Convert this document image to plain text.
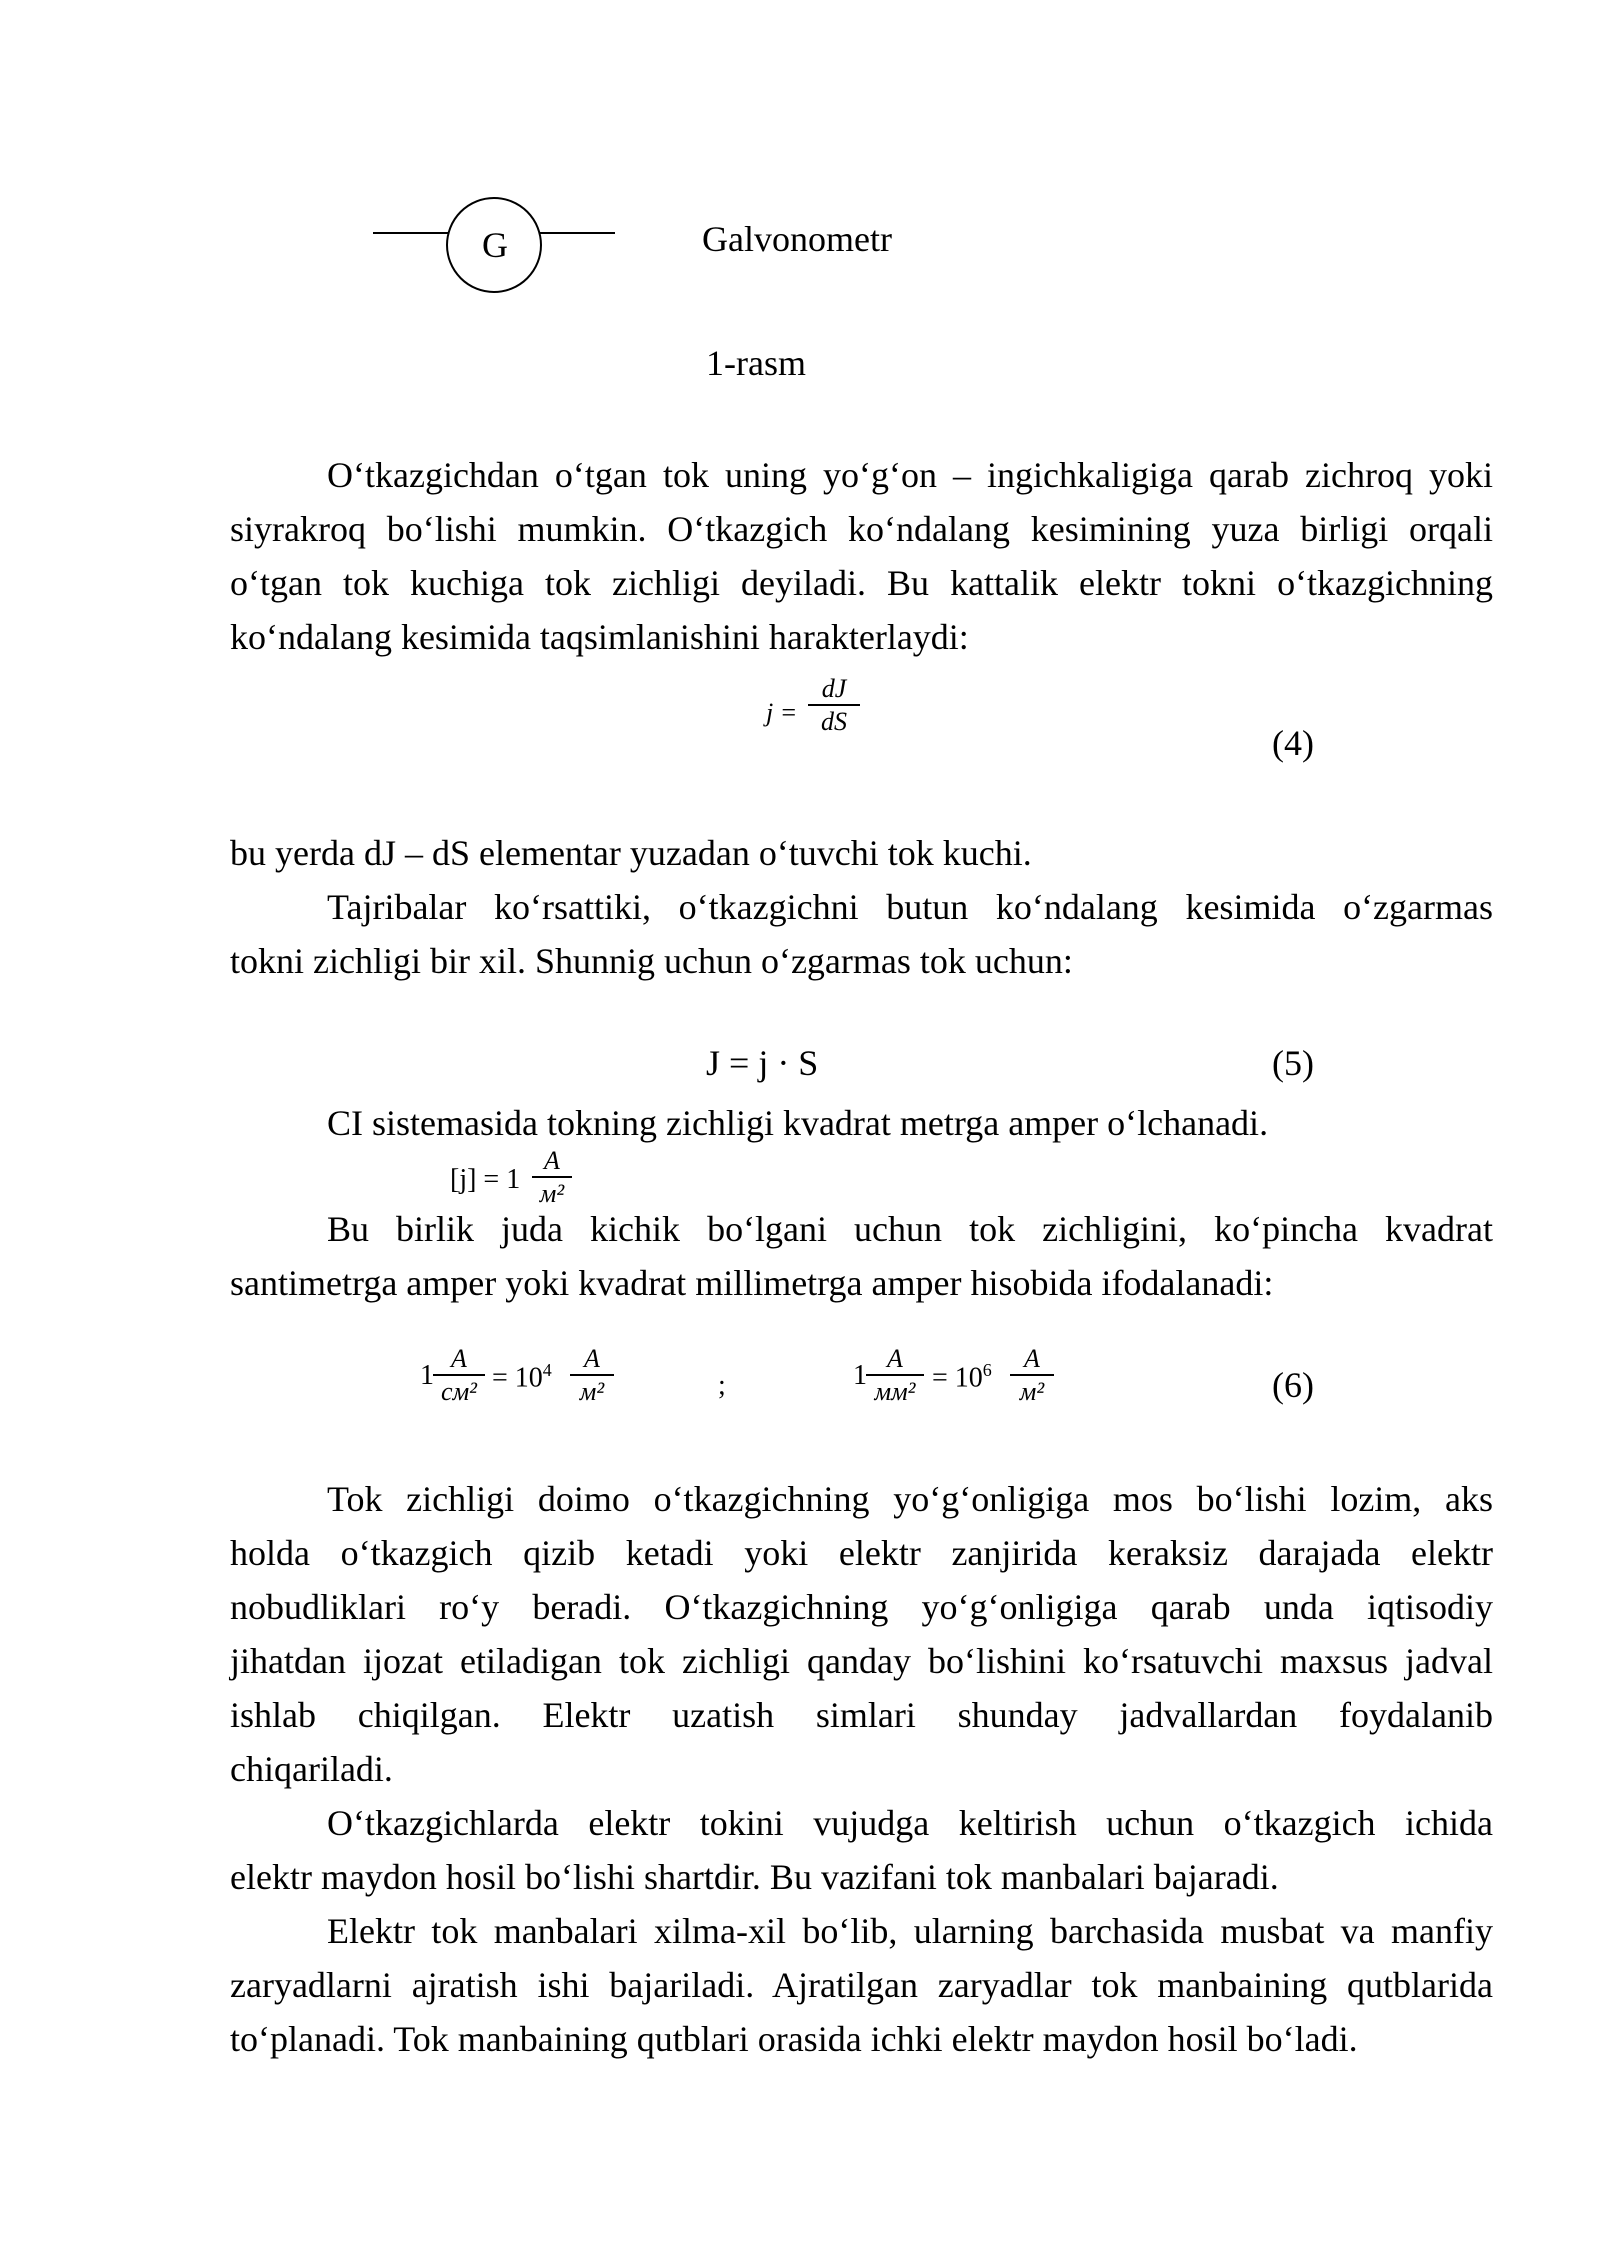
G	Galvonometr
1-rasm

O‘tkazgichdan o‘tgan tok uning yo‘g‘on – ingichkaligiga qarab zichroq yoki

siyrakroq bo‘lishi mumkin. O‘tkazgich ko‘ndalang kesimining yuza birligi orqali

o‘tgan tok kuchiga tok zichligi deyiladi. Bu kattalik elektr tokni o‘tkazgichning

ko‘ndalang kesimida taqsimlanishini harakterlaydi:

$j = \frac{dJ}{dS}$
(4)

bu yerda dJ – dS elementar yuzadan o‘tuvchi tok kuchi.

Tajribalar ko‘rsattiki, o‘tkazgichni butun ko‘ndalang kesimida o‘zgarmas

tokni zichligi bir xil. Shunnig uchun o‘zgarmas tok uchun:

J = j · S	(5)

CI sistemasida tokning zichligi kvadrat metrga amper o‘lchanadi.

[j] = 1
A
м²

Bu birlik juda kichik bo‘lgani uchun tok zichligini, ko‘pincha kvadrat

santimetrga amper yoki kvadrat millimetrga amper hisobida ifodalanadi:

1
A
$см^2 = 10^4$	A
м²	;	1
A
$мм^2 = 10^6$	A
м²	(6)

Tok zichligi doimo o‘tkazgichning yo‘g‘onligiga mos bo‘lishi lozim, aks

holda o‘tkazgich qizib ketadi yoki elektr zanjirida keraksiz darajada elektr

nobudliklari ro‘y beradi. O‘tkazgichning yo‘g‘onligiga qarab unda iqtisodiy

jihatdan ijozat etiladigan tok zichligi qanday bo‘lishini ko‘rsatuvchi maxsus jadval

ishlab chiqilgan. Elektr uzatish simlari shunday jadvallardan foydalanib

chiqariladi.

O‘tkazgichlarda elektr tokini vujudga keltirish uchun o‘tkazgich ichida

elektr maydon hosil bo‘lishi shartdir. Bu vazifani tok manbalari bajaradi.

Elektr tok manbalari xilma-xil bo‘lib, ularning barchasida musbat va manfiy

zaryadlarni ajratish ishi bajariladi. Ajratilgan zaryadlar tok manbaining qutblarida

to‘planadi. Tok manbaining qutblari orasida ichki elektr maydon hosil bo‘ladi.
